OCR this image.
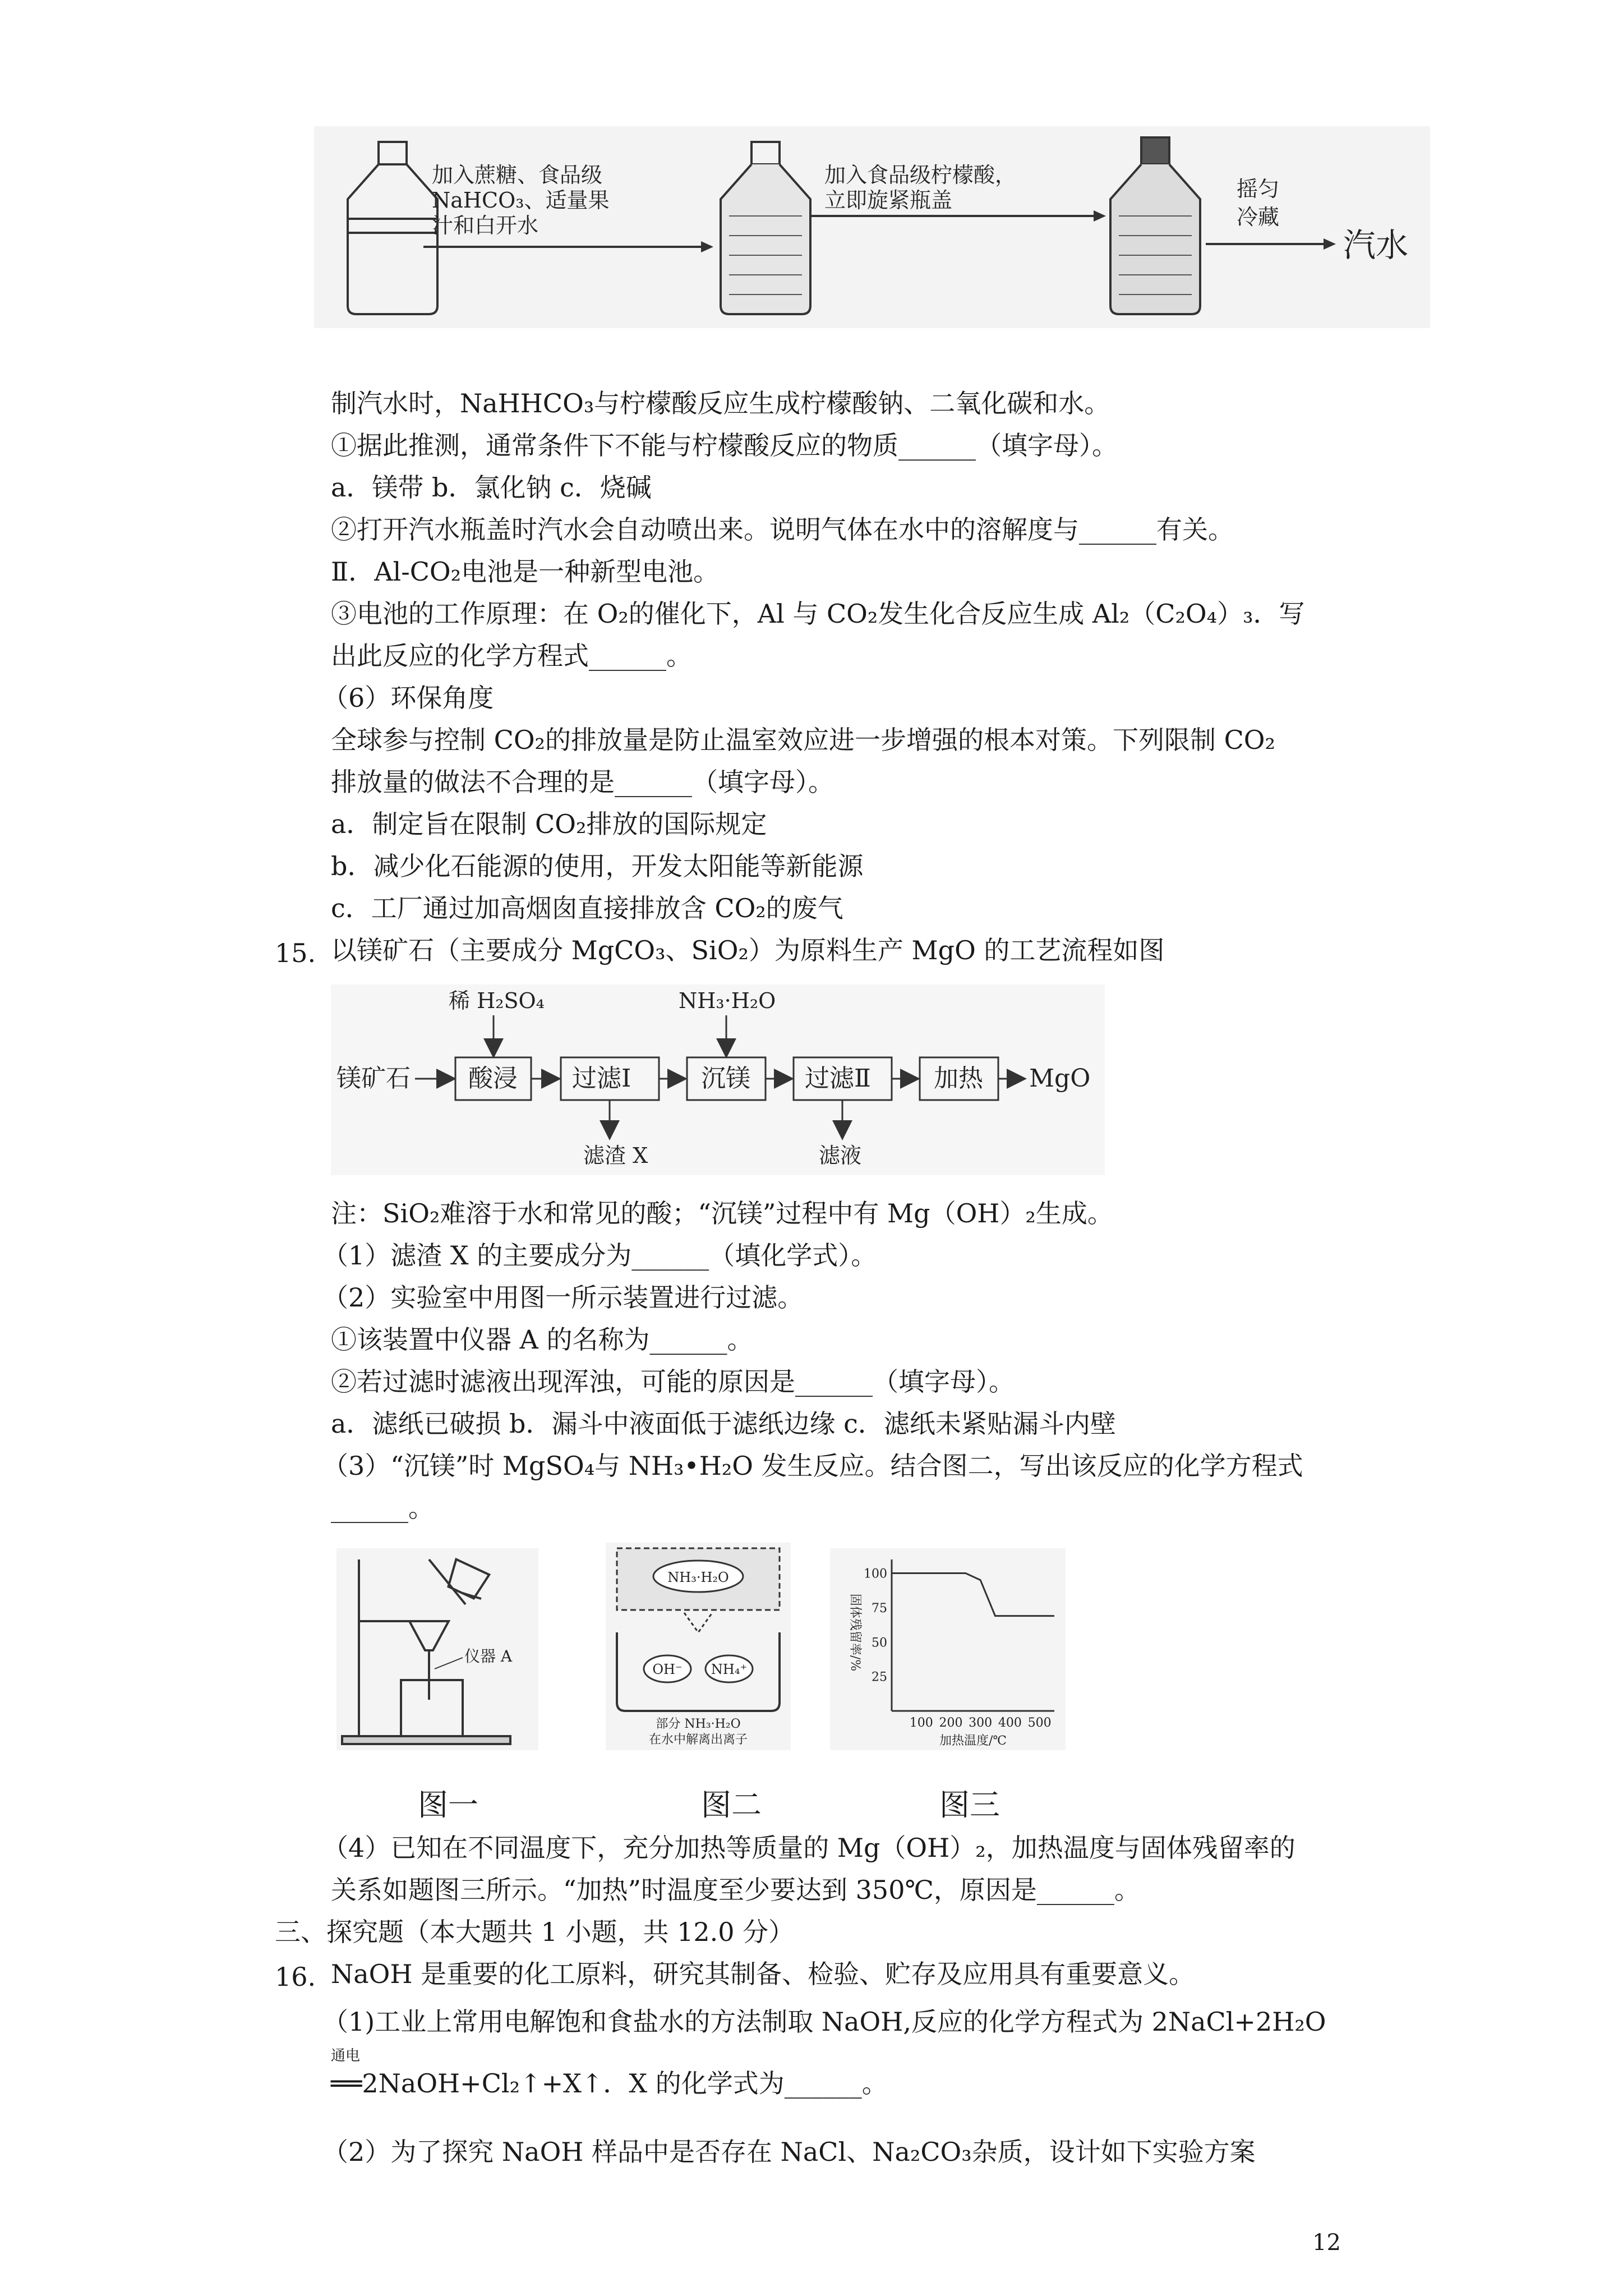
加入蔗糖、食品级
NaHCO₃、适量果
汁和白开水
加入食品级柠檬酸，
立即旋紧瓶盖	摇匀
冷藏
汽水
制汽水时，NaHHCO₃与柠檬酸反应生成柠檬酸钠、二氧化碳和水。
①据此推测，通常条件下不能与柠檬酸反应的物质______（填字母）。
a．镁带 b．氯化钠 c．烧碱
②打开汽水瓶盖时汽水会自动喷出来。说明气体在水中的溶解度与______有关。
Ⅱ．Al-CO₂电池是一种新型电池。
③电池的工作原理：在 O₂的催化下，Al 与 CO₂发生化合反应生成 Al₂（C₂O₄）₃．写
出此反应的化学方程式______。
（6）环保角度
全球参与控制 CO₂的排放量是防止温室效应进一步增强的根本对策。下列限制 CO₂
排放量的做法不合理的是______（填字母）。
a．制定旨在限制 CO₂排放的国际规定
b．减少化石能源的使用，开发太阳能等新能源
c．工厂通过加高烟囱直接排放含 CO₂的废气
15. 以镁矿石（主要成分 MgCO₃、SiO₂）为原料生产 MgO 的工艺流程如图
镁矿石 酸浸
稀 H₂SO₄
过滤Ⅰ
滤渣 X
沉镁
NH₃·H₂O
过滤Ⅱ
滤液
加热 MgO
注：SiO₂难溶于水和常见的酸；“沉镁”过程中有 Mg（OH）₂生成。
（1）滤渣 X 的主要成分为______（填化学式）。
（2）实验室中用图一所示装置进行过滤。
①该装置中仪器 A 的名称为______。
②若过滤时滤液出现浑浊，可能的原因是______（填字母）。
a．滤纸已破损 b．漏斗中液面低于滤纸边缘 c．滤纸未紧贴漏斗内壁
（3）“沉镁”时 MgSO₄与 NH₃•H₂O 发生反应。结合图二，写出该反应的化学方程式
______。
仪器 A
NH₃·H₂O
OH⁻ NH₄⁺
部分 NH₃·H₂O
在水中解离出离子
固体残留率/%
100
75
50
25
100 200 300 400 500
加热温度/℃
图一	图二	图三
（4）已知在不同温度下，充分加热等质量的 Mg（OH）₂，加热温度与固体残留率的
关系如题图三所示。“加热”时温度至少要达到 350℃，原因是______。
三、探究题（本大题共 1 小题，共 12.0 分）
16. NaOH 是重要的化工原料，研究其制备、检验、贮存及应用具有重要意义。
（1)工业上常用电解饱和食盐水的方法制取 NaOH,反应的化学方程式为 2NaCl+2H₂O
通电
══2NaOH+Cl₂↑+X↑．X 的化学式为______。
（2）为了探究 NaOH 样品中是否存在 NaCl、Na₂CO₃杂质，设计如下实验方案
12
